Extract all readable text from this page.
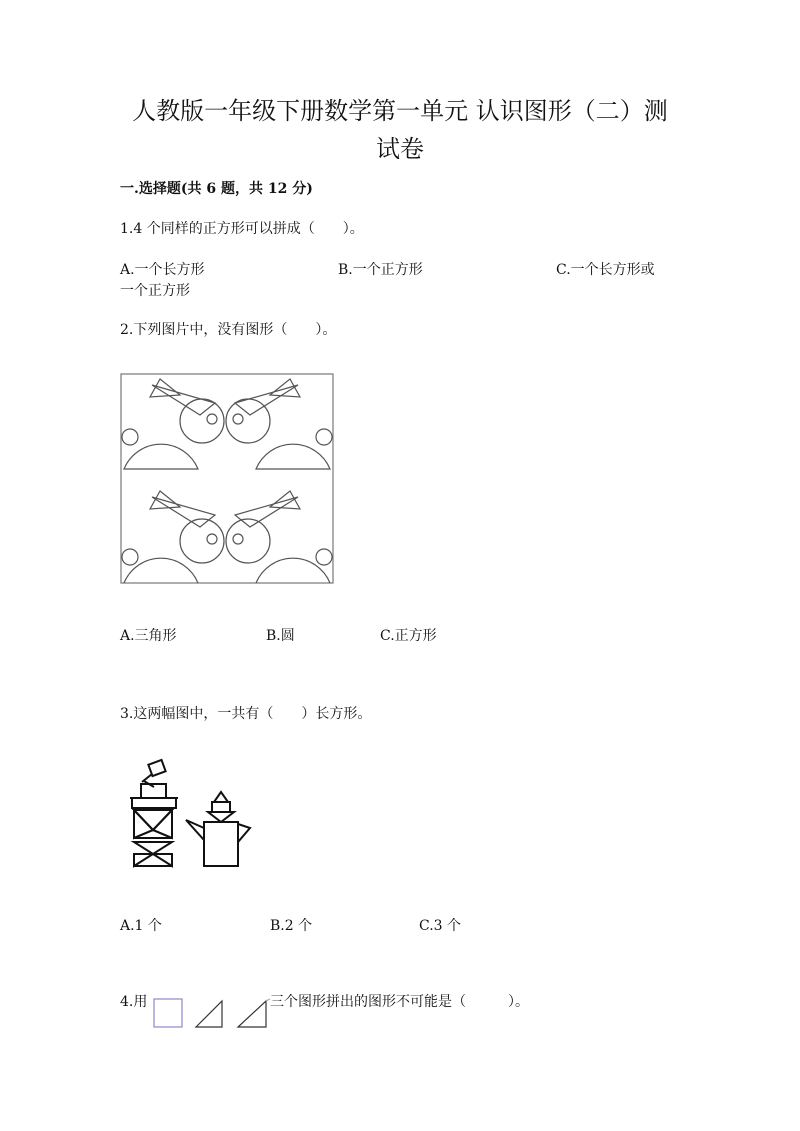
人教版一年级下册数学第一单元 认识图形（二）测
试卷
一.选择题(共 6 题，共 12 分)
1.4 个同样的正方形可以拼成（　　）。
A.一个长方形	B.一个正方形	C.一个长方形或
一个正方形
2.下列图片中，没有图形（　　）。
A.三角形	B.圆	C.正方形
3.这两幅图中，一共有（　　）长方形。
A.1 个	B.2 个	C.3 个
4.用	三个图形拼出的图形不可能是（　　　）。
